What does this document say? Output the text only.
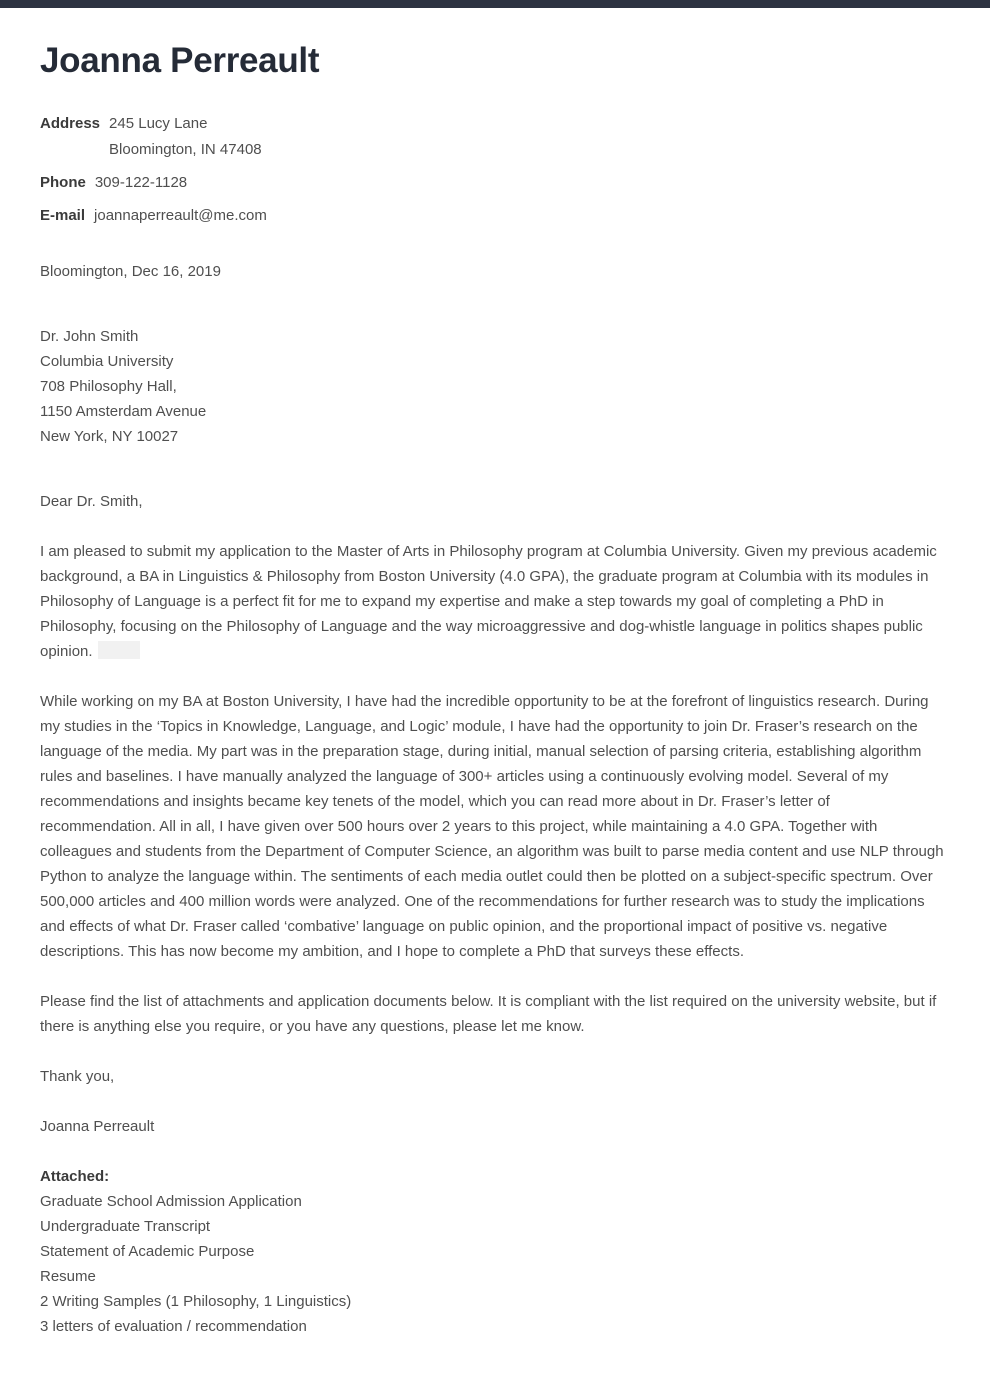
Joanna Perreault
Address 245 Lucy Lane
Bloomington, IN 47408
Phone 309-122-1128
E-mail joannaperreault@me.com
Bloomington, Dec 16, 2019
Dr. John Smith
Columbia University
708 Philosophy Hall,
1150 Amsterdam Avenue
New York, NY 10027
Dear Dr. Smith,

I am pleased to submit my application to the Master of Arts in Philosophy program at Columbia University. Given my previous academic background, a BA in Linguistics & Philosophy from Boston University (4.0 GPA), the graduate program at Columbia with its modules in Philosophy of Language is a perfect fit for me to expand my expertise and make a step towards my goal of completing a PhD in Philosophy, focusing on the Philosophy of Language and the way microaggressive and dog-whistle language in politics shapes public opinion.

While working on my BA at Boston University, I have had the incredible opportunity to be at the forefront of linguistics research. During my studies in the ‘Topics in Knowledge, Language, and Logic’ module, I have had the opportunity to join Dr. Fraser’s research on the language of the media. My part was in the preparation stage, during initial, manual selection of parsing criteria, establishing algorithm rules and baselines. I have manually analyzed the language of 300+ articles using a continuously evolving model. Several of my recommendations and insights became key tenets of the model, which you can read more about in Dr. Fraser’s letter of recommendation. All in all, I have given over 500 hours over 2 years to this project, while maintaining a 4.0 GPA. Together with colleagues and students from the Department of Computer Science, an algorithm was built to parse media content and use NLP through Python to analyze the language within. The sentiments of each media outlet could then be plotted on a subject-specific spectrum. Over 500,000 articles and 400 million words were analyzed. One of the recommendations for further research was to study the implications and effects of what Dr. Fraser called ‘combative’ language on public opinion, and the proportional impact of positive vs. negative descriptions. This has now become my ambition, and I hope to complete a PhD that surveys these effects.

Please find the list of attachments and application documents below. It is compliant with the list required on the university website, but if there is anything else you require, or you have any questions, please let me know.

Thank you,
Joanna Perreault
Attached:
Graduate School Admission Application
Undergraduate Transcript
Statement of Academic Purpose
Resume
2 Writing Samples (1 Philosophy, 1 Linguistics)
3 letters of evaluation / recommendation
